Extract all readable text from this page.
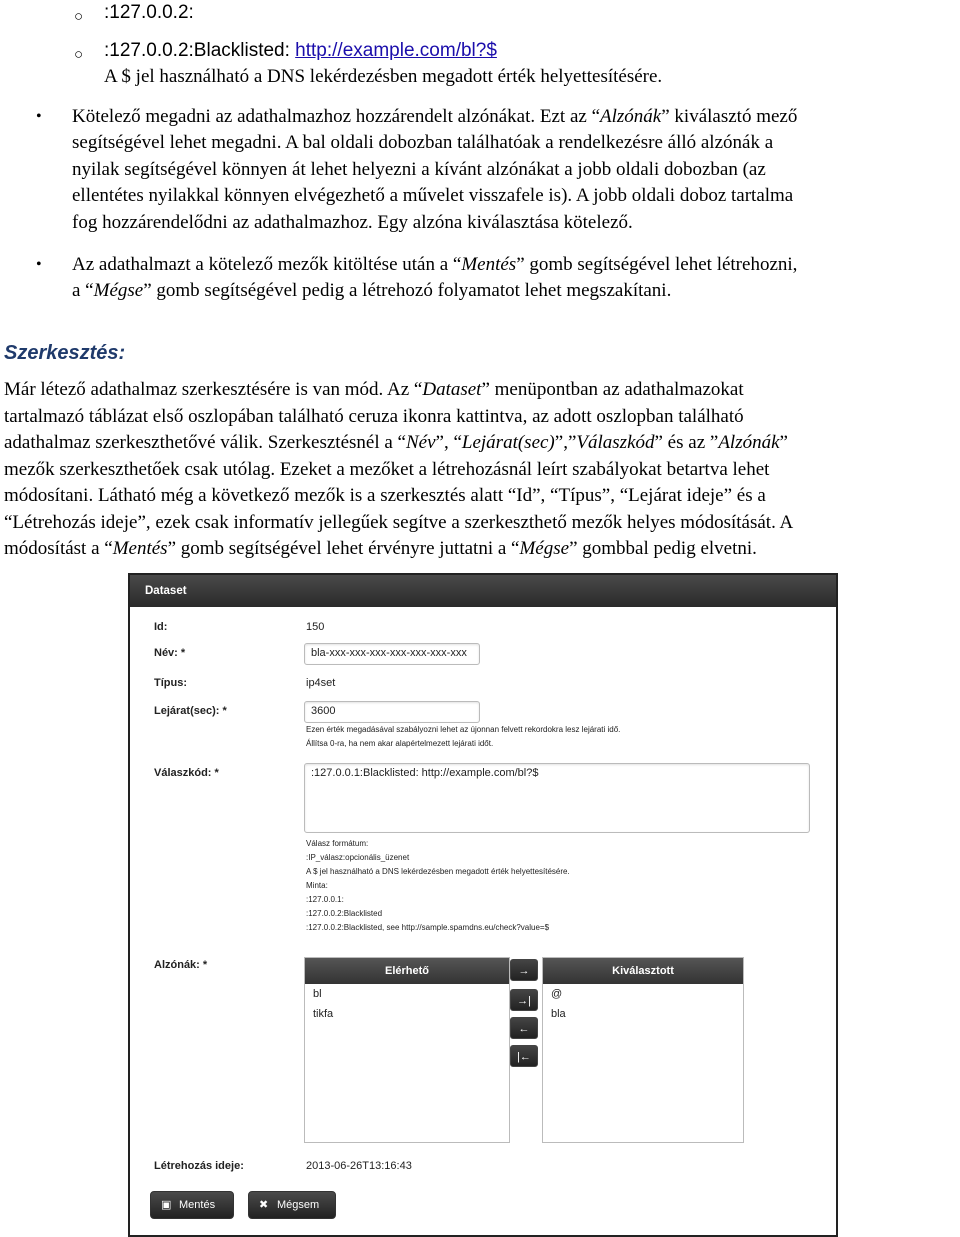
○ :127.0.0.2:
○ :127.0.0.2:Blacklisted: http://example.com/bl?$
A $ jel használható a DNS lekérdezésben megadott érték helyettesítésére.
• Kötelező megadni az adathalmazhoz hozzárendelt alzónákat. Ezt az “Alzónák” kiválasztó mező
segítségével lehet megadni. A bal oldali dobozban találhatóak a rendelkezésre álló alzónák a
nyilak segítségével könnyen át lehet helyezni a kívánt alzónákat a jobb oldali dobozban (az
ellentétes nyilakkal könnyen elvégezhető a művelet visszafele is). A jobb oldali doboz tartalma
fog hozzárendelődni az adathalmazhoz. Egy alzóna kiválasztása kötelező.
• Az adathalmazt a kötelező mezők kitöltése után a “Mentés” gomb segítségével lehet létrehozni,
a “Mégse” gomb segítségével pedig a létrehozó folyamatot lehet megszakítani.
Szerkesztés:
Már létező adathalmaz szerkesztésére is van mód. Az “Dataset” menüpontban az adathalmazokat
tartalmazó táblázat első oszlopában található ceruza ikonra kattintva, az adott oszlopban található
adathalmaz szerkeszthetővé válik. Szerkesztésnél a “Név”, “Lejárat(sec)”,”Válaszkód” és az ”Alzónák”
mezők szerkeszthetőek csak utólag. Ezeket a mezőket a létrehozásnál leírt szabályokat betartva lehet
módosítani. Látható még a következő mezők is a szerkesztés alatt “Id”, “Típus”, “Lejárat ideje” és a
“Létrehozás ideje”, ezek csak informatív jellegűek segítve a szerkeszthető mezők helyes módosítását. A
módosítást a “Mentés” gomb segítségével lehet érvényre juttatni a “Mégse” gombbal pedig elvetni.
Dataset
Id:	150
Név: *	bla-xxx-xxx-xxx-xxx-xxx-xxx-xxx
Típus:	ip4set
Lejárat(sec): *	3600
Ezen érték megadásával szabályozni lehet az újonnan felvett rekordokra lesz lejárati idő.
Állítsa 0-ra, ha nem akar alapértelmezett lejárati időt.
Válaszkód: *	:127.0.0.1:Blacklisted: http://example.com/bl?$
Válasz formátum:
:IP_válasz:opcionális_üzenet
A $ jel használható a DNS lekérdezésben megadott érték helyettesítésére.
Minta:
:127.0.0.1:
:127.0.0.2:Blacklisted
:127.0.0.2:Blacklisted, see http://sample.spamdns.eu/check?value=$
Alzónák: *	Elérhető
bl
tikfa
→
→|
←
|←
Kiválasztott
@
bla
Létrehozás ideje:	2013-06-26T13:16:43
▣ Mentés	✖ Mégsem
